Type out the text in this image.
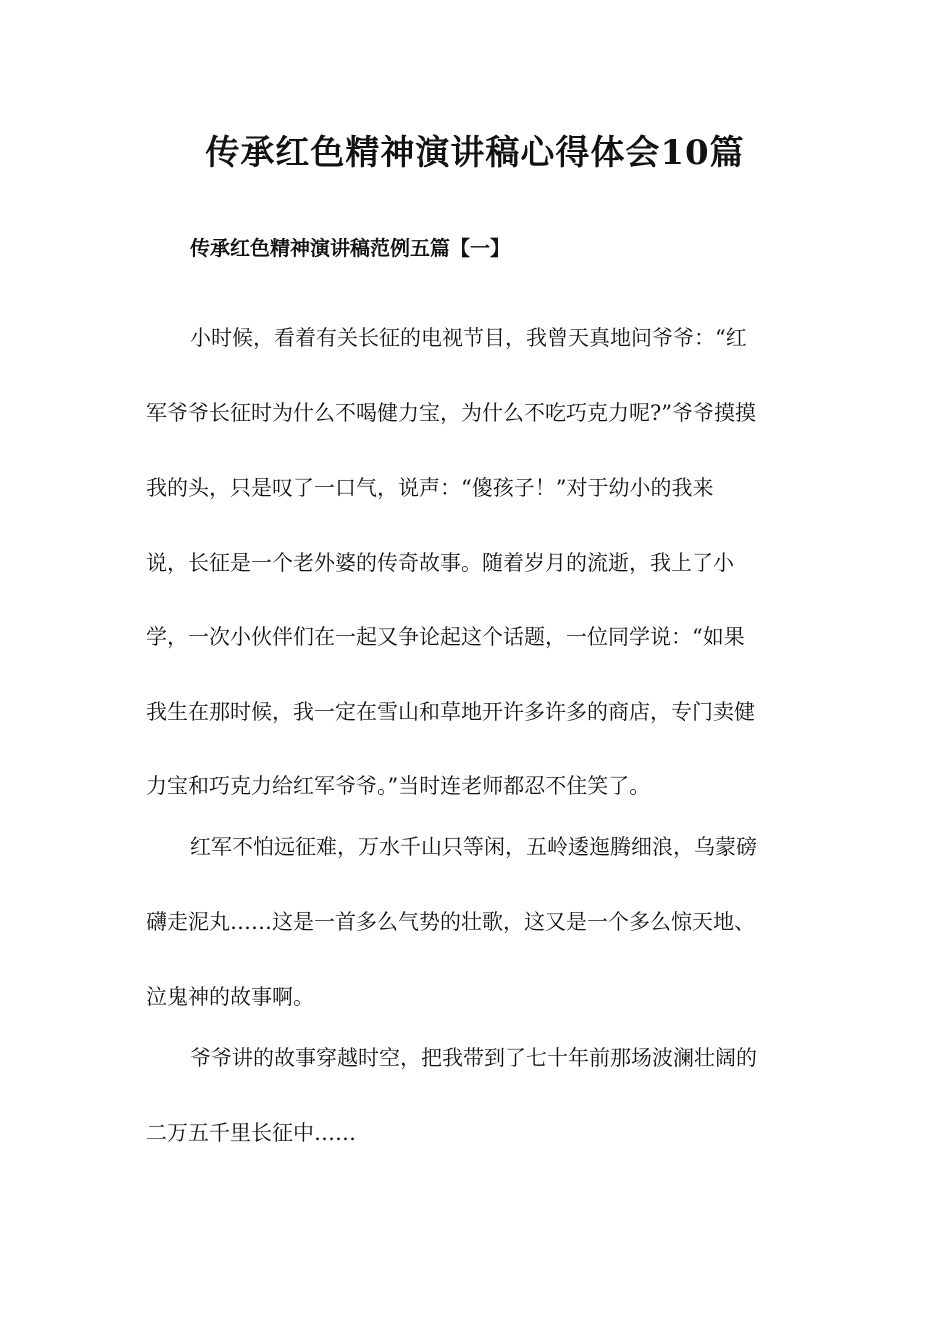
传承红色精神演讲稿心得体会10篇

传承红色精神演讲稿范例五篇【一】

小时候，看着有关长征的电视节目，我曾天真地问爷爷：“红

军爷爷长征时为什么不喝健力宝，为什么不吃巧克力呢?”爷爷摸摸

我的头，只是叹了一口气，说声：“傻孩子！”对于幼小的我来

说，长征是一个老外婆的传奇故事。随着岁月的流逝，我上了小

学，一次小伙伴们在一起又争论起这个话题，一位同学说：“如果

我生在那时候，我一定在雪山和草地开许多许多的商店，专门卖健

力宝和巧克力给红军爷爷。”当时连老师都忍不住笑了。

红军不怕远征难，万水千山只等闲，五岭逶迤腾细浪，乌蒙磅

礴走泥丸……这是一首多么气势的壮歌，这又是一个多么惊天地、

泣鬼神的故事啊。

爷爷讲的故事穿越时空，把我带到了七十年前那场波澜壮阔的

二万五千里长征中……
